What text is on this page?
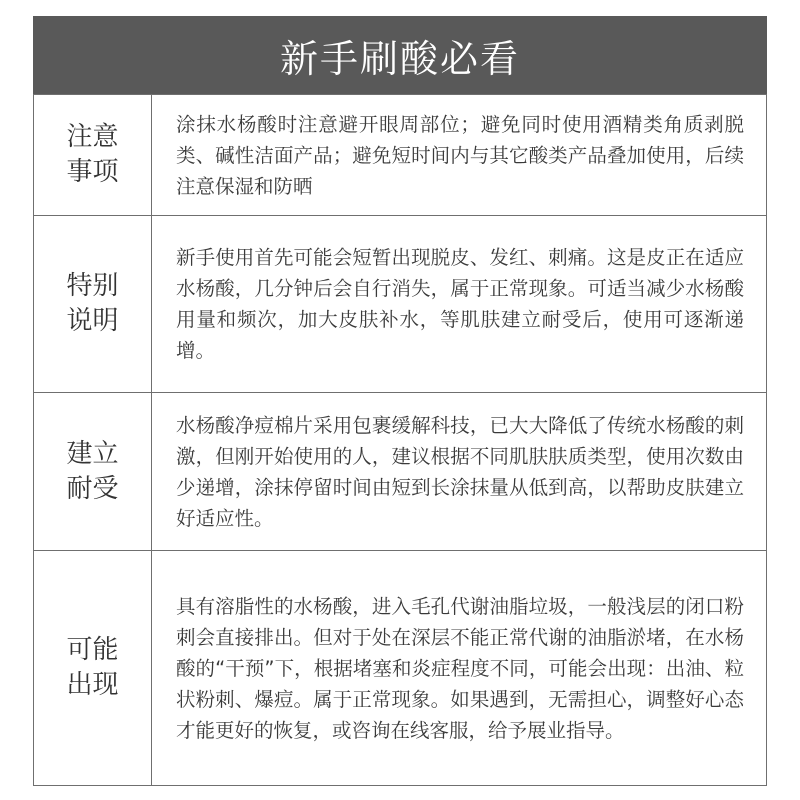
新手刷酸必看
注意
事项	涂抹水杨酸时注意避开眼周部位；避免同时使用酒精类角质剥脱类、碱性洁面产品；避免短时间内与其它酸类产品叠加使用，后续注意保湿和防晒

特别
说明	新手使用首先可能会短暂出现脱皮、发红、刺痛。这是皮正在适应水杨酸，几分钟后会自行消失，属于正常现象。可适当减少水杨酸用量和频次，加大皮肤补水，等肌肤建立耐受后，使用可逐渐递增。

建立
耐受	水杨酸净痘棉片采用包裹缓解科技，已大大降低了传统水杨酸的刺激，但刚开始使用的人，建议根据不同肌肤肤质类型，使用次数由少递增，涂抹停留时间由短到长涂抹量从低到高，以帮助皮肤建立好适应性。

可能
出现	具有溶脂性的水杨酸，进入毛孔代谢油脂垃圾，一般浅层的闭口粉刺会直接排出。但对于处在深层不能正常代谢的油脂淤堵，在水杨酸的“干预”下，根据堵塞和炎症程度不同，可能会出现：出油、粒状粉刺、爆痘。属于正常现象。如果遇到，无需担心，调整好心态才能更好的恢复，或咨询在线客服，给予展业指导。
